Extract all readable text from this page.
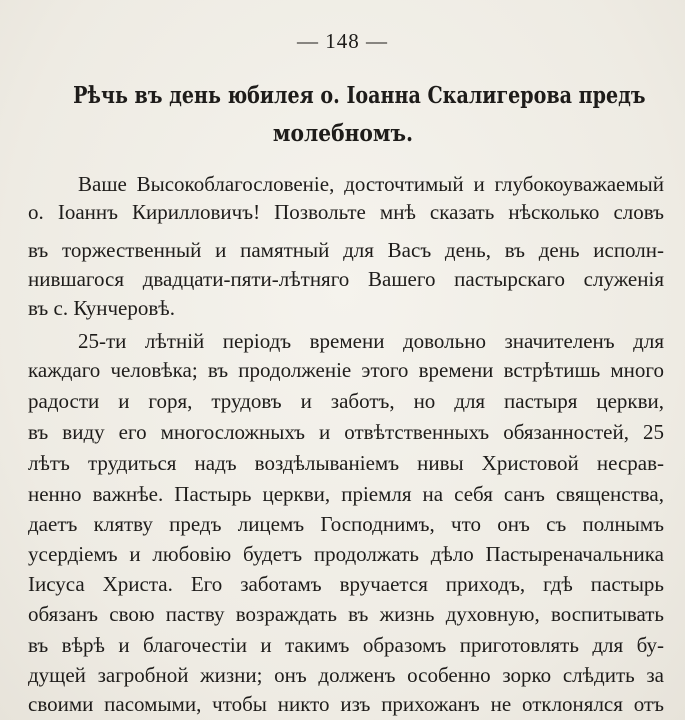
— 148 —
Рѣчь въ день юбилея о. Іоанна Скалигерова предъ
молебномъ.
Ваше Высокоблагословеніе, досточтимый и глубокоуважаемый
о. Іоаннъ Кирилловичъ! Позвольте мнѣ сказать нѣсколько словъ
въ торжественный и памятный для Васъ день, въ день исполн-
нившагося двадцати-пяти-лѣтняго Вашего пастырскаго служенія
въ с. Кунчеровѣ.
25-ти лѣтній періодъ времени довольно значителенъ для
каждаго человѣка; въ продолженіе этого времени встрѣтишь много
радости и горя, трудовъ и заботъ, но для пастыря церкви,
въ виду его многосложныхъ и отвѣтственныхъ обязанностей, 25
лѣтъ трудиться надъ воздѣлываніемъ нивы Христовой несрав-
ненно важнѣе. Пастырь церкви, пріемля на себя санъ священства,
даетъ клятву предъ лицемъ Господнимъ, что онъ съ полнымъ
усердіемъ и любовію будетъ продолжать дѣло Пастыреначальника
Іисуса Христа. Его заботамъ вручается приходъ, гдѣ пастырь
обязанъ свою паству возраждать въ жизнь духовную, воспитывать
въ вѣрѣ и благочестіи и такимъ образомъ приготовлять для бу-
дущей загробной жизни; онъ долженъ особенно зорко слѣдить за
своими пасомыми, чтобы никто изъ прихожанъ не отклонялся отъ
